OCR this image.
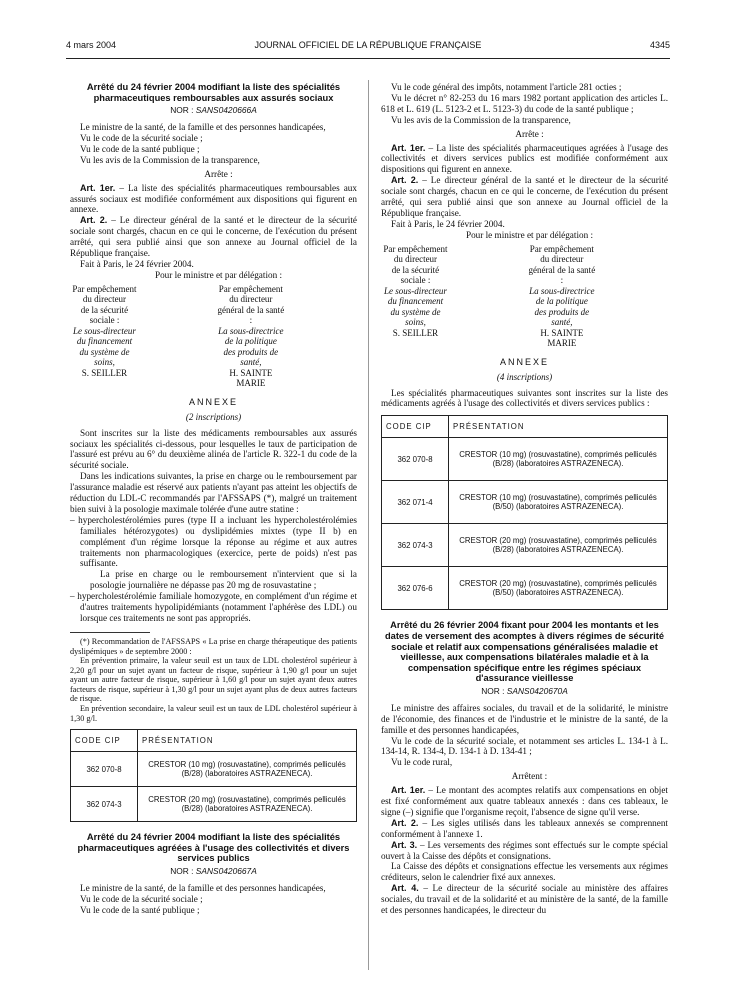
4 mars 2004	JOURNAL OFFICIEL DE LA RÉPUBLIQUE FRANÇAISE	4345
Arrêté du 24 février 2004 modifiant la liste des spécialités pharmaceutiques remboursables aux assurés sociaux
NOR : SANS0420666A

Le ministre de la santé, de la famille et des personnes handicapées,

Vu le code de la sécurité sociale ;

Vu le code de la santé publique ;

Vu les avis de la Commission de la transparence,

Arrête :

Art. 1er. – La liste des spécialités pharmaceutiques remboursables aux assurés sociaux est modifiée conformément aux dispositions qui figurent en annexe.

Art. 2. – Le directeur général de la santé et le directeur de la sécurité sociale sont chargés, chacun en ce qui le concerne, de l'exécution du présent arrêté, qui sera publié ainsi que son annexe au Journal officiel de la République française.

Fait à Paris, le 24 février 2004.

Pour le ministre et par délégation :

Par empêchement du directeur
de la sécurité sociale :
Le sous-directeur
du financement
du système de soins,
S. SEILLER
Par empêchement
du directeur général de la santé :
La sous-directrice
de la politique
des produits de santé,
H. SAINTE MARIE
ANNEXE
(2 inscriptions)

Sont inscrites sur la liste des médicaments remboursables aux assurés sociaux les spécialités ci-dessous, pour lesquelles le taux de participation de l'assuré est prévu au 6° du deuxième alinéa de l'article R. 322-1 du code de la sécurité sociale.

Dans les indications suivantes, la prise en charge ou le remboursement par l'assurance maladie est réservé aux patients n'ayant pas atteint les objectifs de réduction du LDL-C recommandés par l'AFSSAPS (*), malgré un traitement bien suivi à la posologie maximale tolérée d'une autre statine :

– hypercholestérolémies pures (type II a incluant les hypercholestérolémies familiales hétérozygotes) ou dyslipidémies mixtes (type II b) en complément d'un régime lorsque la réponse au régime et aux autres traitements non pharmacologiques (exercice, perte de poids) n'est pas suffisante.

La prise en charge ou le remboursement n'intervient que si la posologie journalière ne dépasse pas 20 mg de rosuvastatine ;

– hypercholestérolémie familiale homozygote, en complément d'un régime et d'autres traitements hypolipidémiants (notamment l'aphérèse des LDL) ou lorsque ces traitements ne sont pas appropriés.

(*) Recommandation de l'AFSSAPS « La prise en charge thérapeutique des patients dyslipémiques » de septembre 2000 :

En prévention primaire, la valeur seuil est un taux de LDL cholestérol supérieur à 2,20 g/l pour un sujet ayant un facteur de risque, supérieur à 1,90 g/l pour un sujet ayant un autre facteur de risque, supérieur à 1,60 g/l pour un sujet ayant deux autres facteurs de risque, supérieur à 1,30 g/l pour un sujet ayant plus de deux autres facteurs de risque.

En prévention secondaire, la valeur seuil est un taux de LDL cholestérol supérieur à 1,30 g/l.

CODE CIP	PRÉSENTATION
362 070-8	CRESTOR (10 mg) (rosuvastatine), comprimés pelliculés
(B/28) (laboratoires ASTRAZENECA).

362 074-3	CRESTOR (20 mg) (rosuvastatine), comprimés pelliculés
(B/28) (laboratoires ASTRAZENECA).
Arrêté du 24 février 2004 modifiant la liste des spécialités pharmaceutiques agréées à l'usage des collectivités et divers services publics
NOR : SANS0420667A

Le ministre de la santé, de la famille et des personnes handicapées,

Vu le code de la sécurité sociale ;

Vu le code de la santé publique ;

Vu le code général des impôts, notamment l'article 281 octies ;

Vu le décret n° 82-253 du 16 mars 1982 portant application des articles L. 618 et L. 619 (L. 5123-2 et L. 5123-3) du code de la santé publique ;

Vu les avis de la Commission de la transparence,

Arrête :

Art. 1er. – La liste des spécialités pharmaceutiques agréées à l'usage des collectivités et divers services publics est modifiée conformément aux dispositions qui figurent en annexe.

Art. 2. – Le directeur général de la santé et le directeur de la sécurité sociale sont chargés, chacun en ce qui le concerne, de l'exécution du présent arrêté, qui sera publié ainsi que son annexe au Journal officiel de la République française.

Fait à Paris, le 24 février 2004.

Pour le ministre et par délégation :

Par empêchement du directeur
de la sécurité sociale :
Le sous-directeur
du financement
du système de soins,
S. SEILLER
Par empêchement
du directeur général de la santé :
La sous-directrice
de la politique
des produits de santé,
H. SAINTE MARIE
ANNEXE
(4 inscriptions)

Les spécialités pharmaceutiques suivantes sont inscrites sur la liste des médicaments agréés à l'usage des collectivités et divers services publics :

CODE CIP	PRÉSENTATION
362 070-8	CRESTOR (10 mg) (rosuvastatine), comprimés pelliculés
(B/28) (laboratoires ASTRAZENECA).

362 071-4	CRESTOR (10 mg) (rosuvastatine), comprimés pelliculés
(B/50) (laboratoires ASTRAZENECA).

362 074-3	CRESTOR (20 mg) (rosuvastatine), comprimés pelliculés
(B/28) (laboratoires ASTRAZENECA).

362 076-6	CRESTOR (20 mg) (rosuvastatine), comprimés pelliculés
(B/50) (laboratoires ASTRAZENECA).
Arrêté du 26 février 2004 fixant pour 2004 les montants et les dates de versement des acomptes à divers régimes de sécurité sociale et relatif aux compensations généralisées maladie et vieillesse, aux compensations bilatérales maladie et à la compensation spécifique entre les régimes spéciaux d'assurance vieillesse
NOR : SANS0420670A

Le ministre des affaires sociales, du travail et de la solidarité, le ministre de l'économie, des finances et de l'industrie et le ministre de la santé, de la famille et des personnes handicapées,

Vu le code de la sécurité sociale, et notamment ses articles L. 134-1 à L. 134-14, R. 134-4, D. 134-1 à D. 134-41 ;

Vu le code rural,

Arrêtent :

Art. 1er. – Le montant des acomptes relatifs aux compensations en objet est fixé conformément aux quatre tableaux annexés : dans ces tableaux, le signe (–) signifie que l'organisme reçoit, l'absence de signe qu'il verse.

Art. 2. – Les sigles utilisés dans les tableaux annexés se comprennent conformément à l'annexe 1.

Art. 3. – Les versements des régimes sont effectués sur le compte spécial ouvert à la Caisse des dépôts et consignations.

La Caisse des dépôts et consignations effectue les versements aux régimes créditeurs, selon le calendrier fixé aux annexes.

Art. 4. – Le directeur de la sécurité sociale au ministère des affaires sociales, du travail et de la solidarité et au ministère de la santé, de la famille et des personnes handicapées, le directeur du
